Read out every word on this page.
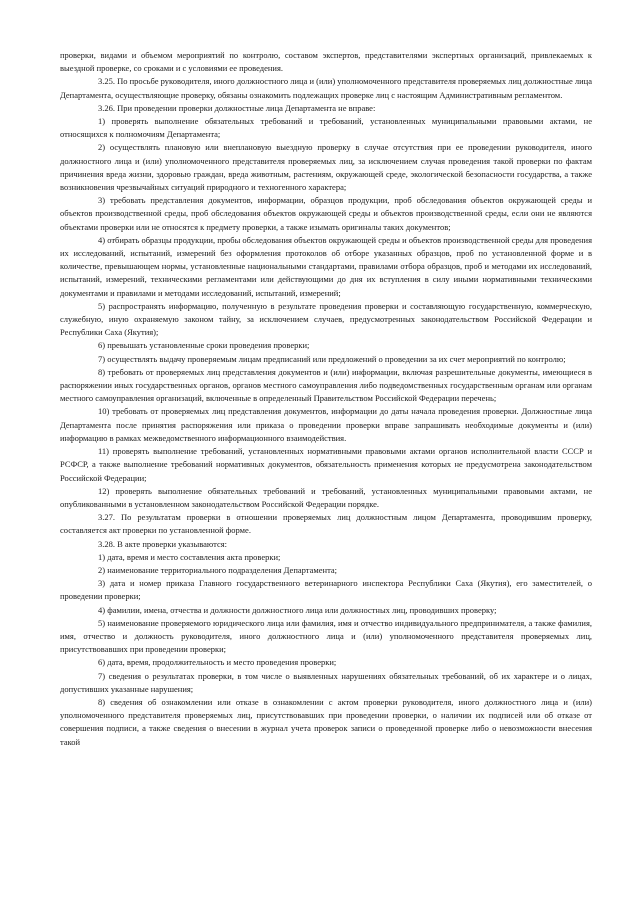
проверки, видами и объемом мероприятий по контролю, составом экспертов, представителями экспертных организаций, привлекаемых к выездной проверке, со сроками и с условиями ее проведения.

3.25. По просьбе руководителя, иного должностного лица и (или) уполномоченного представителя проверяемых лиц должностные лица Департамента, осуществляющие проверку, обязаны ознакомить подлежащих проверке лиц с настоящим Административным регламентом.

3.26. При проведении проверки должностные лица Департамента не вправе:

1) проверять выполнение обязательных требований и требований, установленных муниципальными правовыми актами, не относящихся к полномочиям Департамента;

2) осуществлять плановую или внеплановую выездную проверку в случае отсутствия при ее проведении руководителя, иного должностного лица и (или) уполномоченного представителя проверяемых лиц, за исключением случая проведения такой проверки по фактам причинения вреда жизни, здоровью граждан, вреда животным, растениям, окружающей среде, экологической безопасности государства, а также возникновения чрезвычайных ситуаций природного и техногенного характера;

3) требовать представления документов, информации, образцов продукции, проб обследования объектов окружающей среды и объектов производственной среды, проб обследования объектов окружающей среды и объектов производственной среды, если они не являются объектами проверки или не относятся к предмету проверки, а также изымать оригиналы таких документов;

4) отбирать образцы продукции, пробы обследования объектов окружающей среды и объектов производственной среды для проведения их исследований, испытаний, измерений без оформления протоколов об отборе указанных образцов, проб по установленной форме и в количестве, превышающем нормы, установленные национальными стандартами, правилами отбора образцов, проб и методами их исследований, испытаний, измерений, техническими регламентами или действующими до дня их вступления в силу иными нормативными техническими документами и правилами и методами исследований, испытаний, измерений;

5) распространять информацию, полученную в результате проведения проверки и составляющую государственную, коммерческую, служебную, иную охраняемую законом тайну, за исключением случаев, предусмотренных законодательством Российской Федерации и Республики Саха (Якутия);

6) превышать установленные сроки проведения проверки;

7) осуществлять выдачу проверяемым лицам предписаний или предложений о проведении за их счет мероприятий по контролю;

8) требовать от проверяемых лиц представления документов и (или) информации, включая разрешительные документы, имеющиеся в распоряжении иных государственных органов, органов местного самоуправления либо подведомственных государственным органам или органам местного самоуправления организаций, включенные в определенный Правительством Российской Федерации перечень;

10) требовать от проверяемых лиц представления документов, информации до даты начала проведения проверки. Должностные лица Департамента после принятия распоряжения или приказа о проведении проверки вправе запрашивать необходимые документы и (или) информацию в рамках межведомственного информационного взаимодействия.

11) проверять выполнение требований, установленных нормативными правовыми актами органов исполнительной власти СССР и РСФСР, а также выполнение требований нормативных документов, обязательность применения которых не предусмотрена законодательством Российской Федерации;

12) проверять выполнение обязательных требований и требований, установленных муниципальными правовыми актами, не опубликованными в установленном законодательством Российской Федерации порядке.

3.27. По результатам проверки в отношении проверяемых лиц должностным лицом Департамента, проводившим проверку, составляется акт проверки по установленной форме.

3.28. В акте проверки указываются:

1) дата, время и место составления акта проверки;

2) наименование территориального подразделения Департамента;

3) дата и номер приказа Главного государственного ветеринарного инспектора Республики Саха (Якутия), его заместителей, о проведении проверки;

4) фамилии, имена, отчества и должности должностного лица или должностных лиц, проводивших проверку;

5) наименование проверяемого юридического лица или фамилия, имя и отчество индивидуального предпринимателя, а также фамилия, имя, отчество и должность руководителя, иного должностного лица и (или) уполномоченного представителя проверяемых лиц, присутствовавших при проведении проверки;

6) дата, время, продолжительность и место проведения проверки;

7) сведения о результатах проверки, в том числе о выявленных нарушениях обязательных требований, об их характере и о лицах, допустивших указанные нарушения;

8) сведения об ознакомлении или отказе в ознакомлении с актом проверки руководителя, иного должностного лица и (или) уполномоченного представителя проверяемых лиц, присутствовавших при проведении проверки, о наличии их подписей или об отказе от совершения подписи, а также сведения о внесении в журнал учета проверок записи о проведенной проверке либо о невозможности внесения такой
